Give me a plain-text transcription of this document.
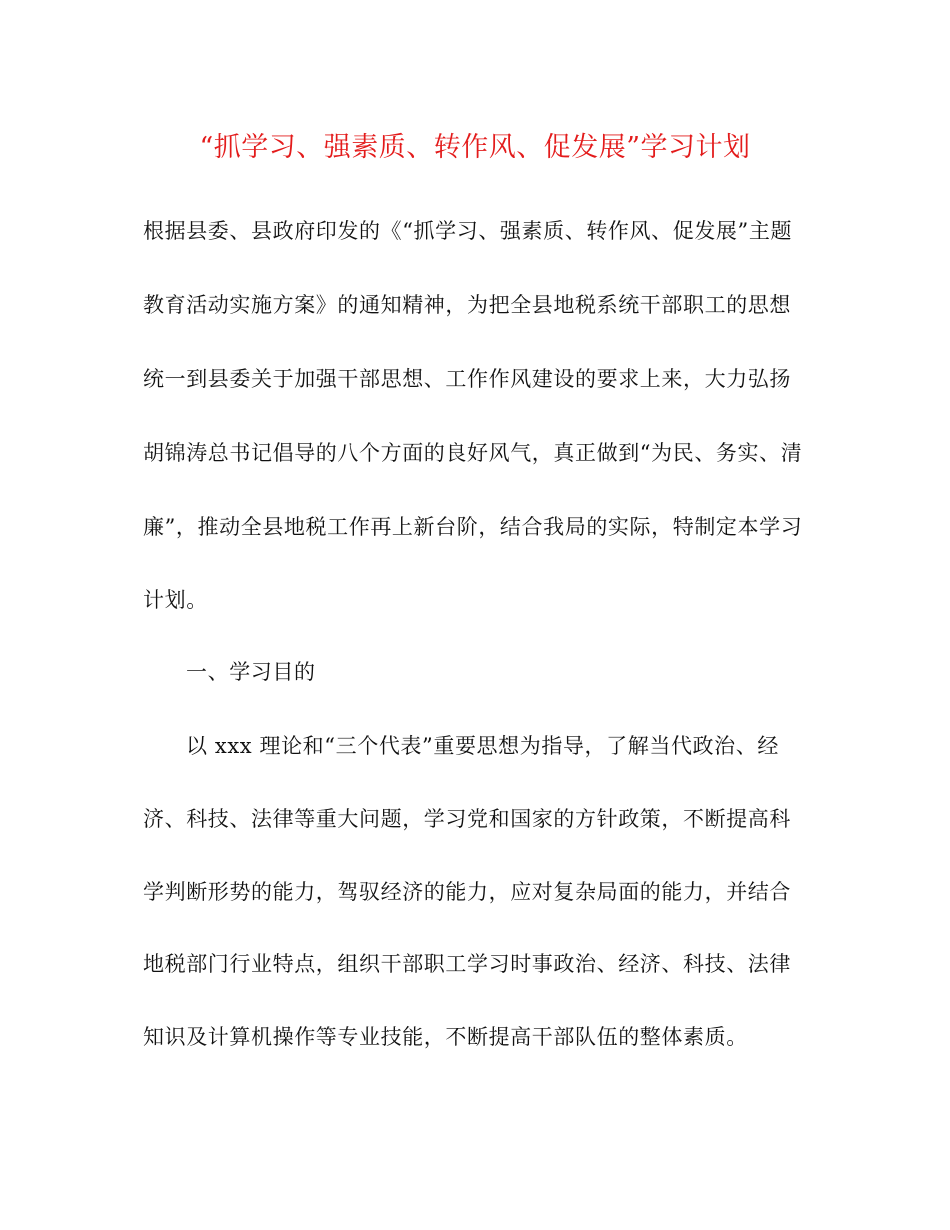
“抓学习、强素质、转作风、促发展”学习计划
根据县委、县政府印发的《“抓学习、强素质、转作风、促发展”主题
教育活动实施方案》的通知精神，为把全县地税系统干部职工的思想
统一到县委关于加强干部思想、工作作风建设的要求上来，大力弘扬
胡锦涛总书记倡导的八个方面的良好风气，真正做到“为民、务实、清
廉”，推动全县地税工作再上新台阶，结合我局的实际，特制定本学习
计划。
一、学习目的
以 xxx 理论和“三个代表”重要思想为指导，了解当代政治、经
济、科技、法律等重大问题，学习党和国家的方针政策，不断提高科
学判断形势的能力，驾驭经济的能力，应对复杂局面的能力，并结合
地税部门行业特点，组织干部职工学习时事政治、经济、科技、法律
知识及计算机操作等专业技能，不断提高干部队伍的整体素质。
